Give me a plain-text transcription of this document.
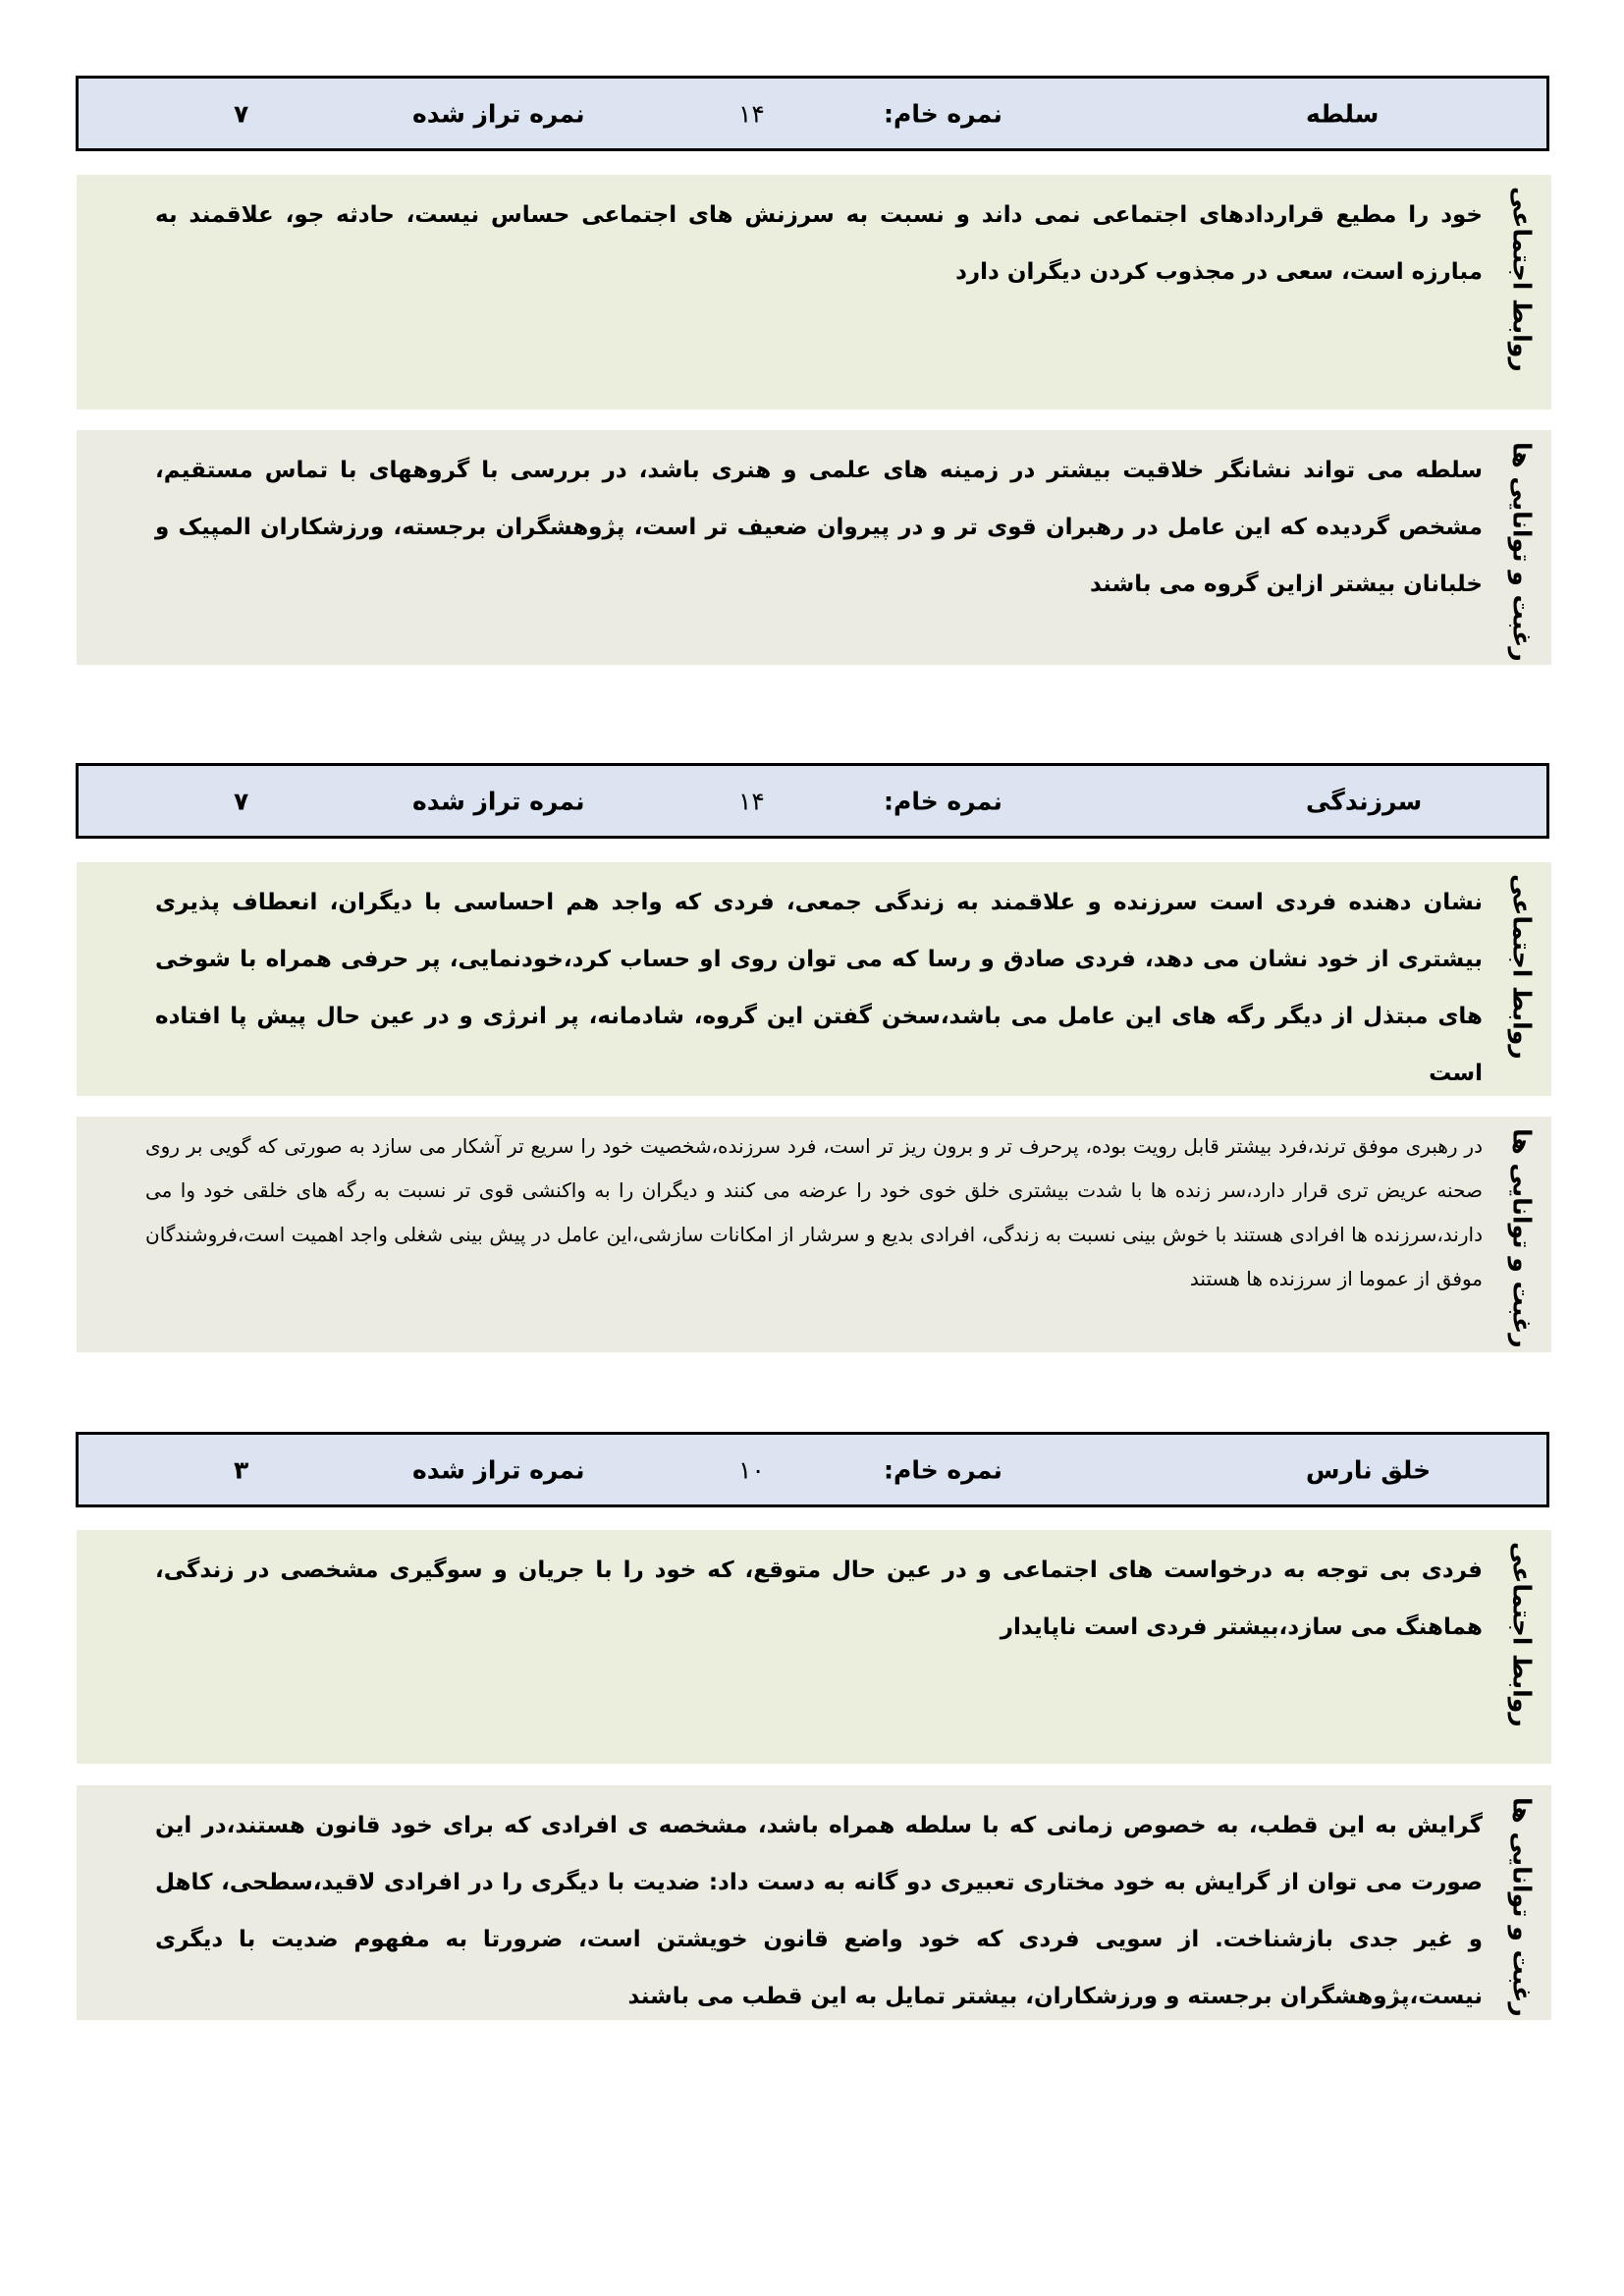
سلطه
نمره خام:
۱۴
نمره تراز شده
۷
روابط اجتماعی
خود را مطیع قراردادهای اجتماعی نمی داند و نسبت به سرزنش های اجتماعی حساس نیست، حادثه جو، علاقمند به مبارزه است، سعی در مجذوب کردن دیگران دارد
رغبت و توانایی ها
سلطه می تواند نشانگر خلاقیت بیشتر در زمینه های علمی و هنری باشد، در بررسی با گروههای با تماس مستقیم، مشخص گردیده که این عامل در رهبران قوی تر و در پیروان ضعیف تر است، پژوهشگران برجسته، ورزشکاران المپیک و خلبانان بیشتر ازاین گروه می باشند
سرزندگی
نمره خام:
۱۴
نمره تراز شده
۷
روابط اجتماعی
نشان دهنده فردی است سرزنده و علاقمند به زندگی جمعی، فردی که واجد هم احساسی با دیگران، انعطاف پذیری بیشتری از خود نشان می دهد، فردی صادق و رسا که می توان روی او حساب کرد،خودنمایی، پر حرفی همراه با شوخی های مبتذل از دیگر رگه های این عامل می باشد،سخن گفتن این گروه، شادمانه، پر انرژی و در عین حال پیش پا افتاده است
رغبت و توانایی ها
در رهبری موفق ترند،فرد بیشتر قابل رویت بوده، پرحرف تر و برون ریز تر است، فرد سرزنده،شخصیت خود را سریع تر آشکار می سازد به صورتی که گویی بر روی صحنه عریض تری قرار دارد،سر زنده ها با شدت بیشتری خلق خوی خود را عرضه می کنند و دیگران را به واکنشی قوی تر نسبت به رگه های خلقی خود وا می دارند،سرزنده ها افرادی هستند با خوش بینی نسبت به زندگی، افرادی بدیع و سرشار از امکانات سازشی،این عامل در پیش بینی شغلی واجد اهمیت است،فروشندگان موفق از عموما از سرزنده ها هستند
خلق نارس
نمره خام:
۱۰
نمره تراز شده
۳
روابط اجتماعی
فردی بی توجه به درخواست های اجتماعی و در عین حال متوقع، که خود را با جریان و سوگیری مشخصی در زندگی، هماهنگ می سازد،بیشتر فردی است ناپایدار
رغبت و توانایی ها
گرایش به این قطب، به خصوص زمانی که با سلطه همراه باشد، مشخصه ی افرادی که برای خود قانون هستند،در این صورت می توان از گرایش به خود مختاری تعبیری دو گانه به دست داد: ضدیت با دیگری را در افرادی لاقید،سطحی، کاهل و غیر جدی بازشناخت. از سویی فردی که خود واضع قانون خویشتن است، ضرورتا به مفهوم ضدیت با دیگری نیست،پژوهشگران برجسته و ورزشکاران، بیشتر تمایل به این قطب می باشند
